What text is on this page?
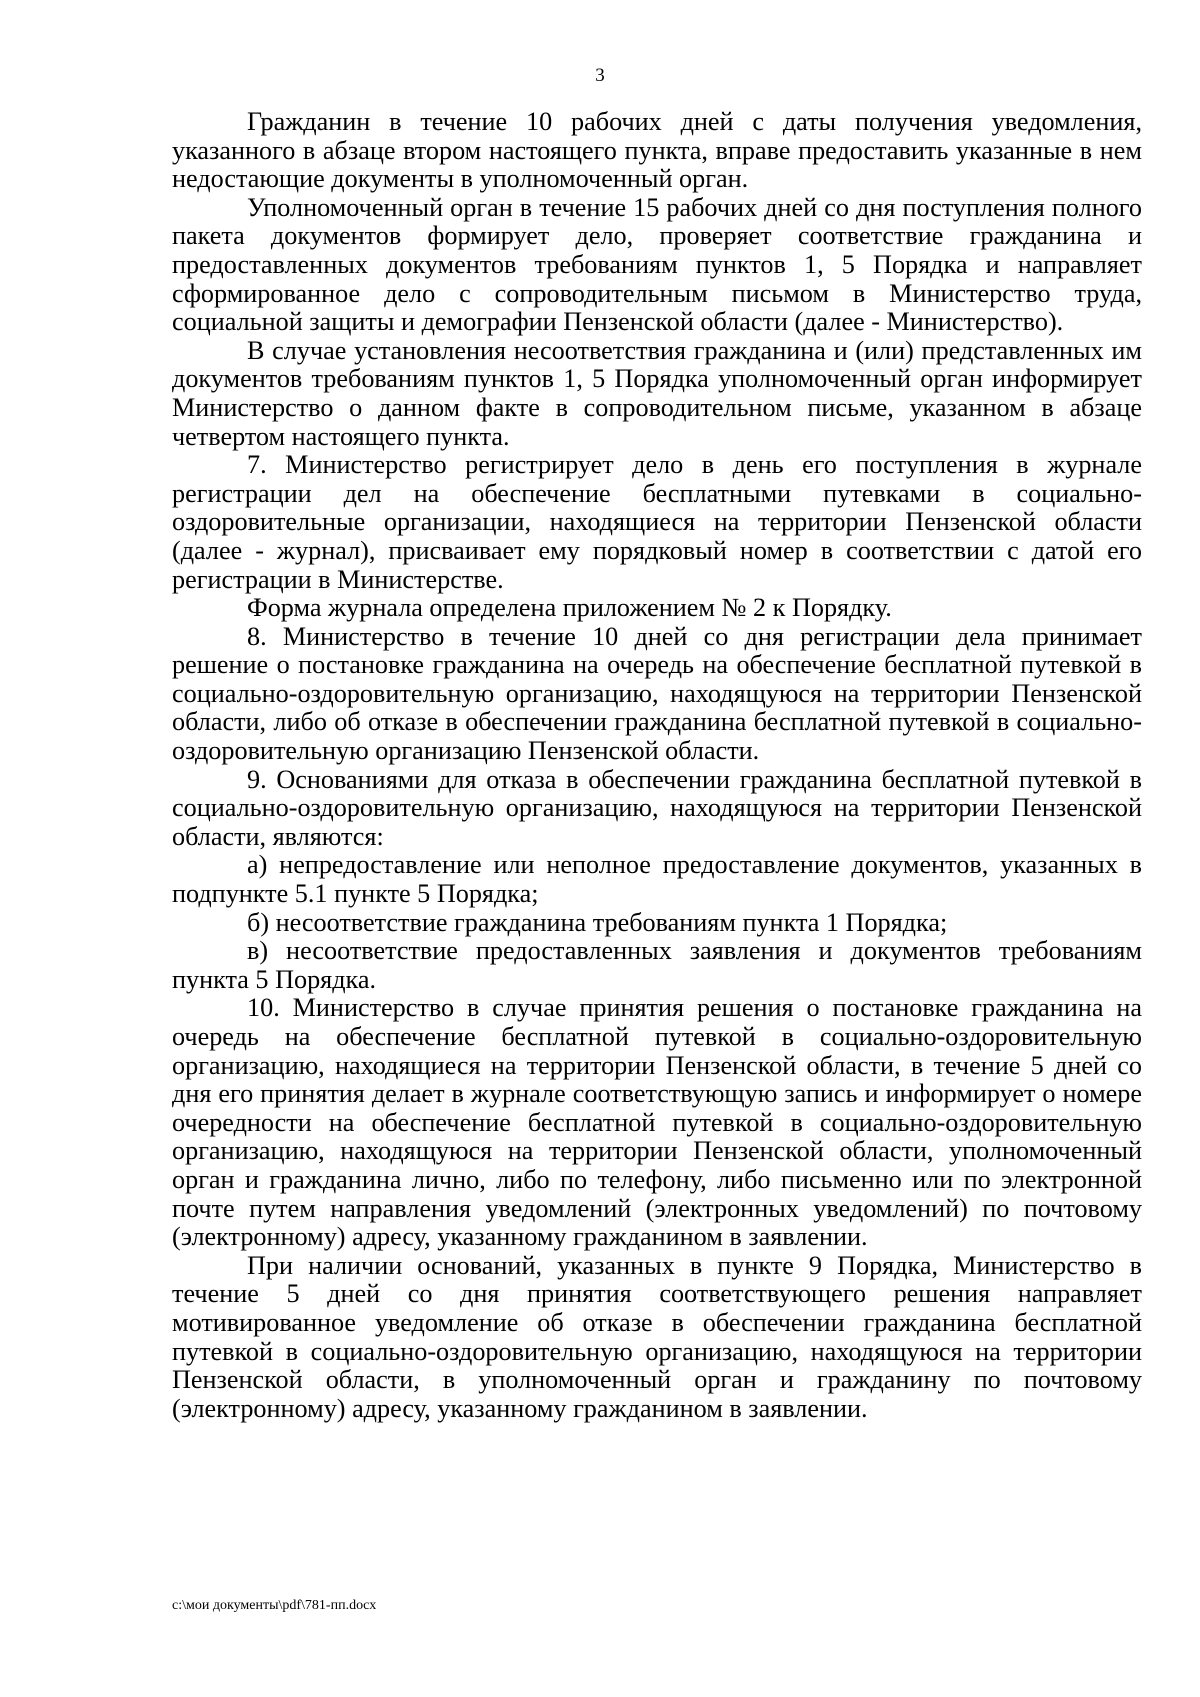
3

Гражданин в течение 10 рабочих дней с даты получения уведомления, указанного в абзаце втором настоящего пункта, вправе предоставить указанные в нем недостающие документы в уполномоченный орган.

Уполномоченный орган в течение 15 рабочих дней со дня поступления полного пакета документов формирует дело, проверяет соответствие гражданина и предоставленных документов требованиям пунктов 1, 5 Порядка и направляет сформированное дело с сопроводительным письмом в Министерство труда, социальной защиты и демографии Пензенской области (далее - Министерство).

В случае установления несоответствия гражданина и (или) представленных им документов требованиям пунктов 1, 5 Порядка уполномоченный орган информирует Министерство о данном факте в сопроводительном письме, указанном в абзаце четвертом настоящего пункта.

7. Министерство регистрирует дело в день его поступления в журнале регистрации дел на обеспечение бесплатными путевками в социально-оздоровительные организации, находящиеся на территории Пензенской области (далее - журнал), присваивает ему порядковый номер в соответствии с датой его регистрации в Министерстве.

Форма журнала определена приложением № 2 к Порядку.

8. Министерство в течение 10 дней со дня регистрации дела принимает решение о постановке гражданина на очередь на обеспечение бесплатной путевкой в социально-оздоровительную организацию, находящуюся на территории Пензенской области, либо об отказе в обеспечении гражданина бесплатной путевкой в социально-оздоровительную организацию Пензенской области.

9. Основаниями для отказа в обеспечении гражданина бесплатной путевкой в социально-оздоровительную организацию, находящуюся на территории Пензенской области, являются:

а) непредоставление или неполное предоставление документов, указанных в подпункте 5.1 пункте 5 Порядка;

б) несоответствие гражданина требованиям пункта 1 Порядка;

в) несоответствие предоставленных заявления и документов требованиям пункта 5 Порядка.

10. Министерство в случае принятия решения о постановке гражданина на очередь на обеспечение бесплатной путевкой в социально-оздоровительную организацию, находящиеся на территории Пензенской области, в течение 5 дней со дня его принятия делает в журнале соответствующую запись и информирует о номере очередности на обеспечение бесплатной путевкой в социально-оздоровительную организацию, находящуюся на территории Пензенской области, уполномоченный орган и гражданина лично, либо по телефону, либо письменно или по электронной почте путем направления уведомлений (электронных уведомлений) по почтовому (электронному) адресу, указанному гражданином в заявлении.

При наличии оснований, указанных в пункте 9 Порядка, Министерство в течение 5 дней со дня принятия соответствующего решения направляет мотивированное уведомление об отказе в обеспечении гражданина бесплатной путевкой в социально-оздоровительную организацию, находящуюся на территории Пензенской области, в уполномоченный орган и гражданину по почтовому (электронному) адресу, указанному гражданином в заявлении.

c:\мои документы\pdf\781-пп.docx
